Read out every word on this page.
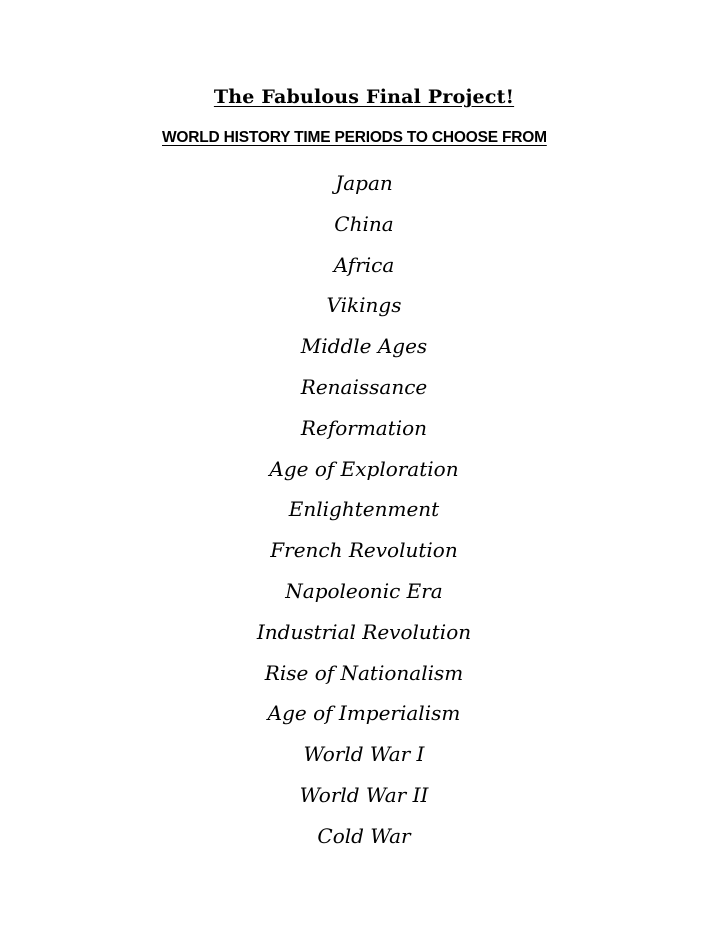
The Fabulous Final Project!
WORLD HISTORY TIME PERIODS TO CHOOSE FROM
Japan
China
Africa
Vikings
Middle Ages
Renaissance
Reformation
Age of Exploration
Enlightenment
French Revolution
Napoleonic Era
Industrial Revolution
Rise of Nationalism
Age of Imperialism
World War I
World War II
Cold War
